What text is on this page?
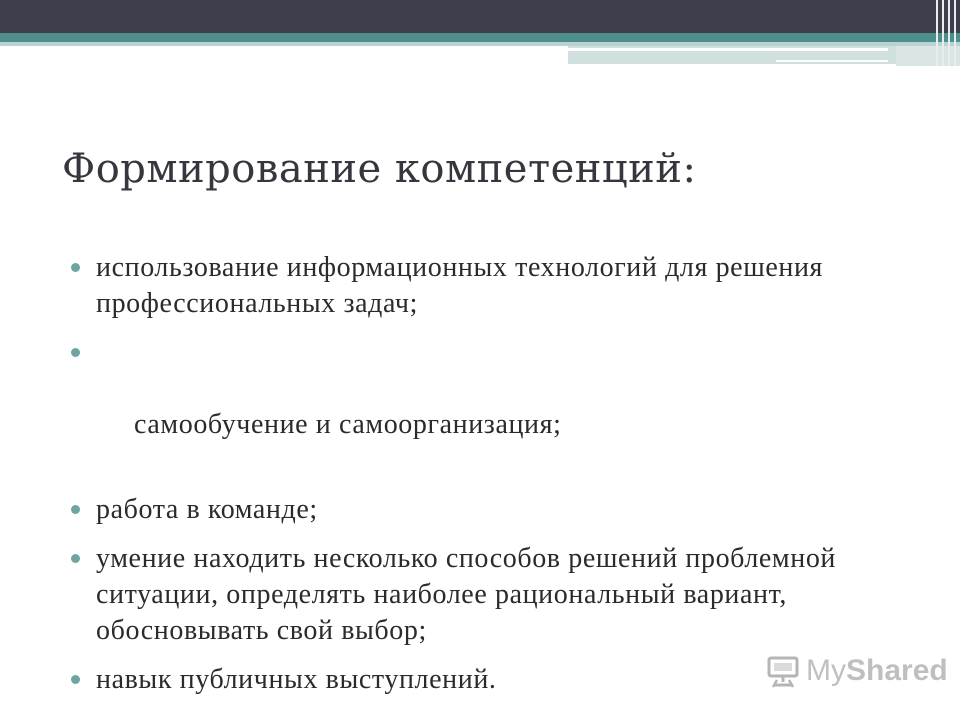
Формирование компетенций:
использование информационных технологий для решения профессиональных задач;

самообучение и самоорганизация;

работа в команде;
умение находить несколько способов решений проблемной ситуации, определять наиболее рациональный вариант, обосновывать свой выбор;
навык публичных выступлений.	MyShared
